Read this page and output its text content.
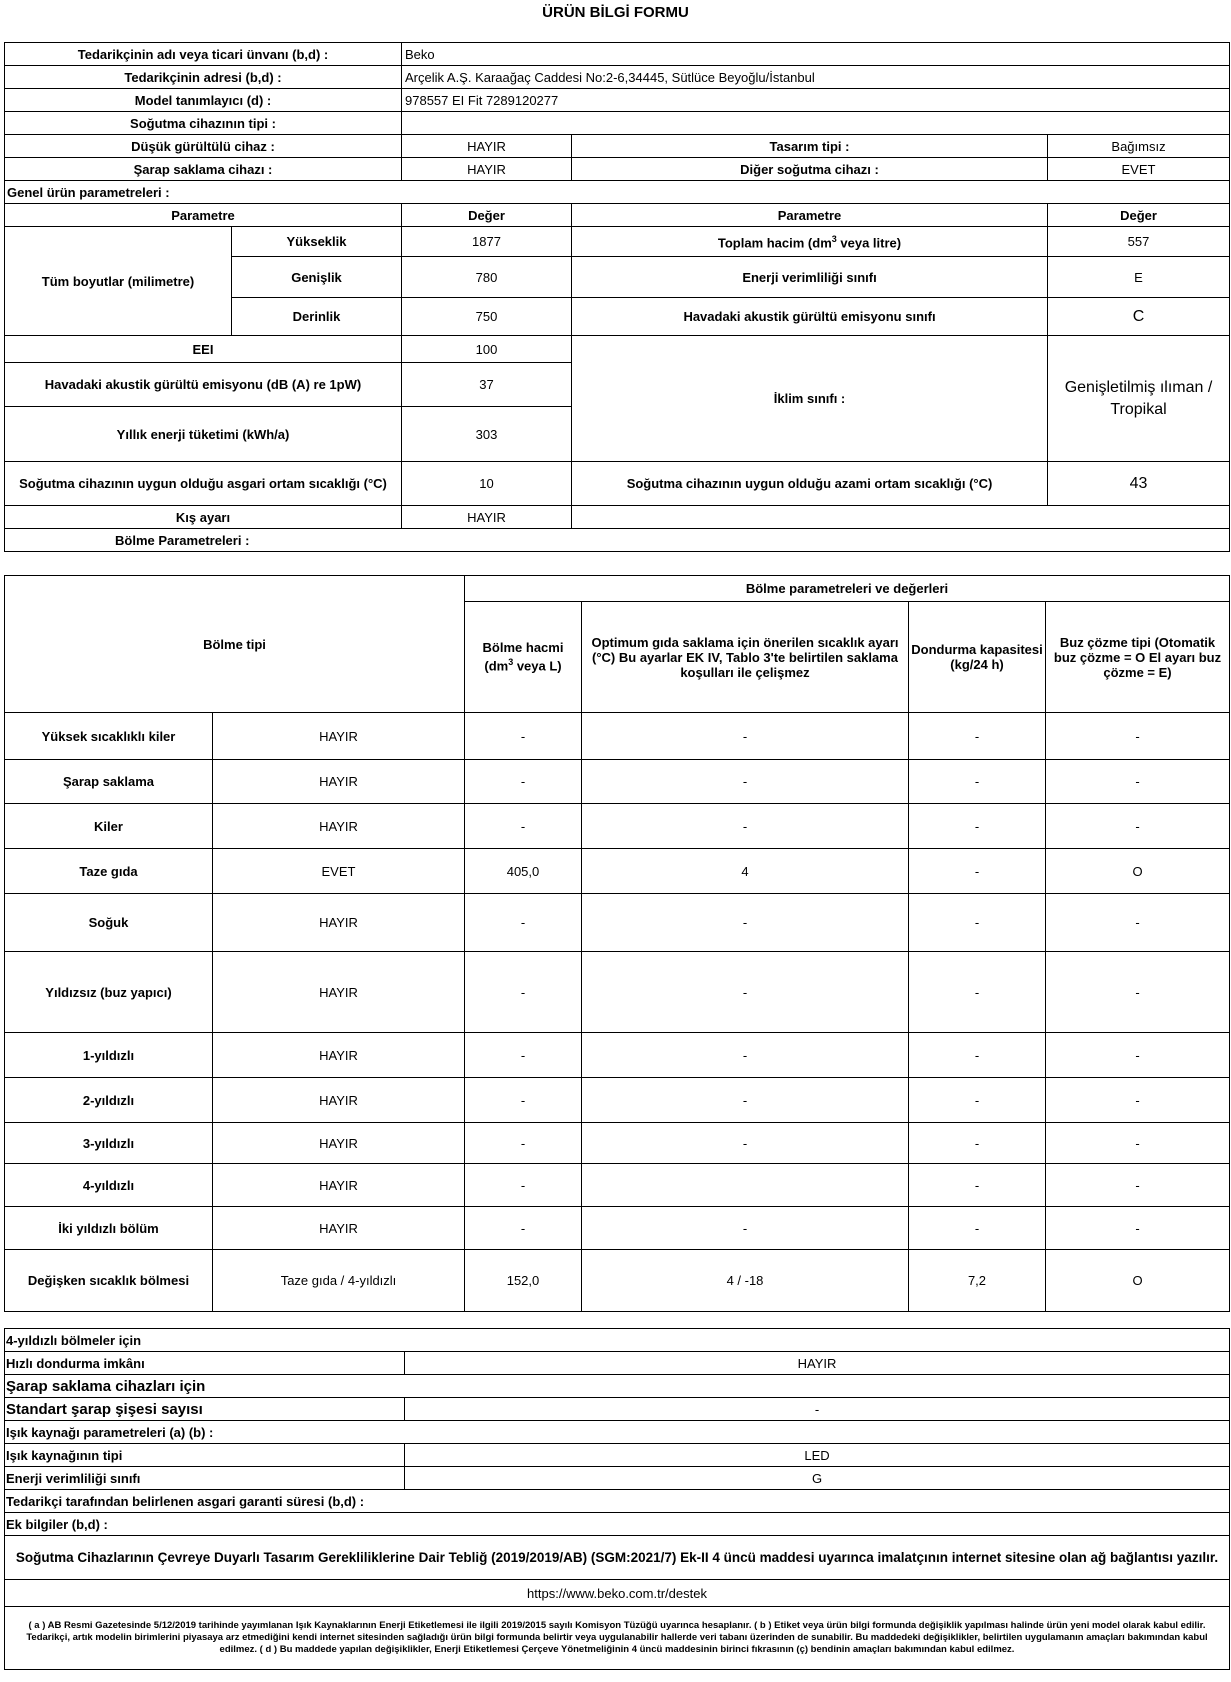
ÜRÜN BİLGİ FORMU
Tedarikçinin adı veya ticari ünvanı (b,d) :		Beko		
Tedarikçinin adresi (b,d) :		Arçelik A.Ş. Karaağaç Caddesi No:2-6,34445, Sütlüce Beyoğlu/İstanbul		
Model tanımlayıcı (d) :		978557 EI Fit 7289120277		
Soğutma cihazının tipi :				
Düşük gürültülü cihaz :		HAYIR	Tasarım tipi :	Bağımsız
Şarap saklama cihazı :		HAYIR	Diğer soğutma cihazı :	EVET
Genel ürün parametreleri :				
Parametre		Değer	Parametre	Değer
Tüm boyutlar (milimetre)	Yükseklik	1877	Toplam hacim ($dm^3$ veya litre)	557
	Genişlik	780	Enerji verimliliği sınıfı	E
	Derinlik	750	Havadaki akustik gürültü emisyonu sınıfı	C
EEI		100	İklim sınıfı :	Genişletilmiş ılıman / Tropikal
Havadaki akustik gürültü emisyonu (dB (A) re 1pW)		37		
Yıllık enerji tüketimi (kWh/a)		303		
Soğutma cihazının uygun olduğu asgari ortam sıcaklığı (°C)		10	Soğutma cihazının uygun olduğu azami ortam sıcaklığı (°C)	43
Kış ayarı		HAYIR		
Bölme Parametreleri :				
Bölme tipi		Bölme parametreleri ve değerleri			
		Bölme hacmi ($dm^3$ veya L)	Optimum gıda saklama için önerilen sıcaklık ayarı (°C) Bu ayarlar EK IV, Tablo 3'te belirtilen saklama koşulları ile çelişmez	Dondurma kapasitesi (kg/24 h)	Buz çözme tipi (Otomatik buz çözme = O El ayarı buz çözme = E)
Yüksek sıcaklıklı kiler	HAYIR	-	-	-	-
Şarap saklama	HAYIR	-	-	-	-
Kiler	HAYIR	-	-	-	-
Taze gıda	EVET	405,0	4	-	O
Soğuk	HAYIR	-	-	-	-
Yıldızsız (buz yapıcı)	HAYIR	-	-	-	-
1-yıldızlı	HAYIR	-	-	-	-
2-yıldızlı	HAYIR	-	-	-	-
3-yıldızlı	HAYIR	-	-	-	-
4-yıldızlı	HAYIR	-		-	-
İki yıldızlı bölüm	HAYIR	-	-	-	-
Değişken sıcaklık bölmesi	Taze gıda / 4-yıldızlı	152,0	4 / -18	7,2	O
4-yıldızlı bölmeler için	
Hızlı dondurma imkânı	HAYIR
Şarap saklama cihazları için	
Standart şarap şişesi sayısı	-
Işık kaynağı parametreleri (a) (b) :	
Işık kaynağının tipi	LED
Enerji verimliliği sınıfı	G
Tedarikçi tarafından belirlenen asgari garanti süresi (b,d) :	
Ek bilgiler (b,d) :	
Soğutma Cihazlarının Çevreye Duyarlı Tasarım Gerekliliklerine Dair Tebliğ (2019/2019/AB) (SGM:2021/7) Ek-II 4 üncü maddesi uyarınca imalatçının internet sitesine olan ağ bağlantısı yazılır.	
https://www.beko.com.tr/destek	
( a ) AB Resmi Gazetesinde 5/12/2019 tarihinde yayımlanan Işık Kaynaklarının Enerji Etiketlemesi ile ilgili 2019/2015 sayılı Komisyon Tüzüğü uyarınca hesaplanır. ( b ) Etiket veya ürün bilgi formunda değişiklik yapılması halinde ürün yeni model olarak kabul edilir. Tedarikçi, artık modelin birimlerini piyasaya arz etmediğini kendi internet sitesinden sağladığı ürün bilgi formunda belirtir veya uygulanabilir hallerde veri tabanı üzerinden de sunabilir. Bu maddedeki değişiklikler, belirtilen uygulamanın amaçları bakımından kabul edilmez. ( d ) Bu maddede yapılan değişiklikler, Enerji Etiketlemesi Çerçeve Yönetmeliğinin 4 üncü maddesinin birinci fıkrasının (ç) bendinin amaçları bakımından kabul edilmez.	
